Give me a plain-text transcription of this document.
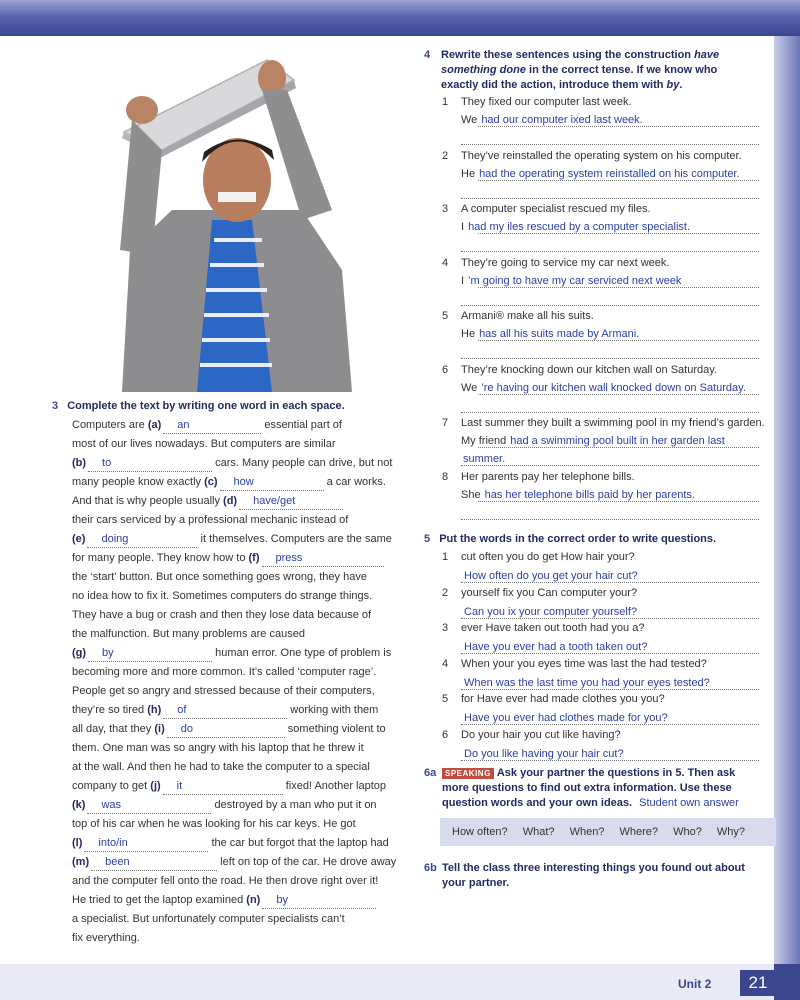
3 Complete the text by writing one word in each space.
Computers are (a) an	essential part of
most of our lives nowadays. But computers are similar
(b) to	cars. Many people can drive, but not
many people know exactly (c) how	a car works.
And that is why people usually (d) have/get
their cars serviced by a professional mechanic instead of
(e) doing	it themselves. Computers are the same
for many people. They know how to (f) press
the ‘start’ button. But once something goes wrong, they have
no idea how to fix it. Sometimes computers do strange things.
They have a bug or crash and then they lose data because of
the malfunction. But many problems are caused
(g) by	human error. One type of problem is
becoming more and more common. It’s called ‘computer rage’.
People get so angry and stressed because of their computers,
they’re so tired (h) of	working with them
all day, that they (i) do	something violent to
them. One man was so angry with his laptop that he threw it
at the wall. And then he had to take the computer to a special
company to get (j) it	fixed! Another laptop
(k) was	destroyed by a man who put it on
top of his car when he was looking for his car keys. He got
(l) into/in	the car but forgot that the laptop had
(m) been	left on top of the car. He drove away
and the computer fell onto the road. He then drove right over it!
He tried to get the laptop examined (n) by
a specialist. But unfortunately computer specialists can’t
fix everything.
4 Rewrite these sentences using the construction have
something done in the correct tense. If we know who
exactly did the action, introduce them with by.
1 They fixed our computer last week.
We had our computer ixed last week.
2 They’ve reinstalled the operating system on his computer.
He had the operating system reinstalled on his computer.
3 A computer specialist rescued my files.
I had my iles rescued by a computer specialist.
4 They’re going to service my car next week.
I ’m going to have my car serviced next week
5 Armani® make all his suits.
He has all his suits made by Armani.
6 They’re knocking down our kitchen wall on Saturday.
We ’re having our kitchen wall knocked down on Saturday.
7 Last summer they built a swimming pool in my friend’s garden.
My friend had a swimming pool built in her garden last
summer.
8 Her parents pay her telephone bills.
She has her telephone bills paid by her parents.
5 Put the words in the correct order to write questions.
1 cut often you do get How hair your?
How often do you get your hair cut?
2 yourself fix you Can computer your?
Can you ix your computer yourself?
3 ever Have taken out tooth had you a?
Have you ever had a tooth taken out?
4 When your you eyes time was last the had tested?
When was the last time you had your eyes tested?
5 for Have ever had made clothes you you?
Have you ever had clothes made for you?
6 Do your hair you cut like having?
Do you like having your hair cut?
6a	SPEAKING Ask your partner the questions in 5. Then ask
more questions to find out extra information. Use these
question words and your own ideas. Student own answer
How often? What? When? Where? Who? Why?
6b Tell the class three interesting things you found out about
your partner.
Unit 2	21
